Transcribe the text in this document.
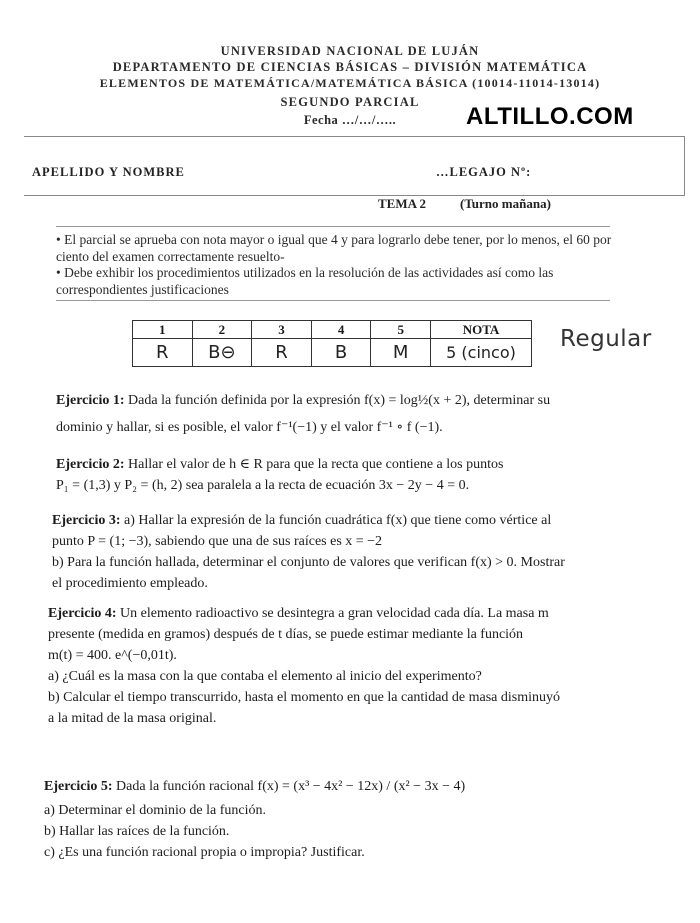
UNIVERSIDAD NACIONAL DE LUJÁN
DEPARTAMENTO DE CIENCIAS BÁSICAS – DIVISIÓN MATEMÁTICA
ELEMENTOS DE MATEMÁTICA/MATEMÁTICA BÁSICA (10014-11014-13014)
SEGUNDO PARCIAL
Fecha …/…/…..	ALTILLO.COM
APELLIDO Y NOMBRE	…LEGAJO Nº:
TEMA 2	(Turno mañana)

• El parcial se aprueba con nota mayor o igual que 4 y para lograrlo debe tener, por lo menos, el 60 por ciento del examen correctamente resuelto-

• Debe exhibir los procedimientos utilizados en la resolución de las actividades así como las correspondientes justificaciones

1	2	3	4	5	NOTA
R	B⊖	R	B	M	5 (cinco)
Regular

Ejercicio 1: Dada la función definida por la expresión f(x) = log½(x + 2), determinar su

dominio y hallar, si es posible, el valor f⁻¹(−1) y el valor f⁻¹ ∘ f (−1).

Ejercicio 2: Hallar el valor de h ∈ R para que la recta que contiene a los puntos

P₁ = (1,3) y P₂ = (h, 2) sea paralela a la recta de ecuación 3x − 2y − 4 = 0.

Ejercicio 3: a) Hallar la expresión de la función cuadrática f(x) que tiene como vértice al

punto P = (1; −3), sabiendo que una de sus raíces es x = −2

b) Para la función hallada, determinar el conjunto de valores que verifican f(x) > 0. Mostrar

el procedimiento empleado.

Ejercicio 4: Un elemento radioactivo se desintegra a gran velocidad cada día. La masa m

presente (medida en gramos) después de t días, se puede estimar mediante la función

m(t) = 400. e^(−0,01t).

a) ¿Cuál es la masa con la que contaba el elemento al inicio del experimento?

b) Calcular el tiempo transcurrido, hasta el momento en que la cantidad de masa disminuyó

a la mitad de la masa original.

Ejercicio 5: Dada la función racional f(x) = (x³ − 4x² − 12x) / (x² − 3x − 4)

a) Determinar el dominio de la función.

b) Hallar las raíces de la función.

c) ¿Es una función racional propia o impropia? Justificar.
